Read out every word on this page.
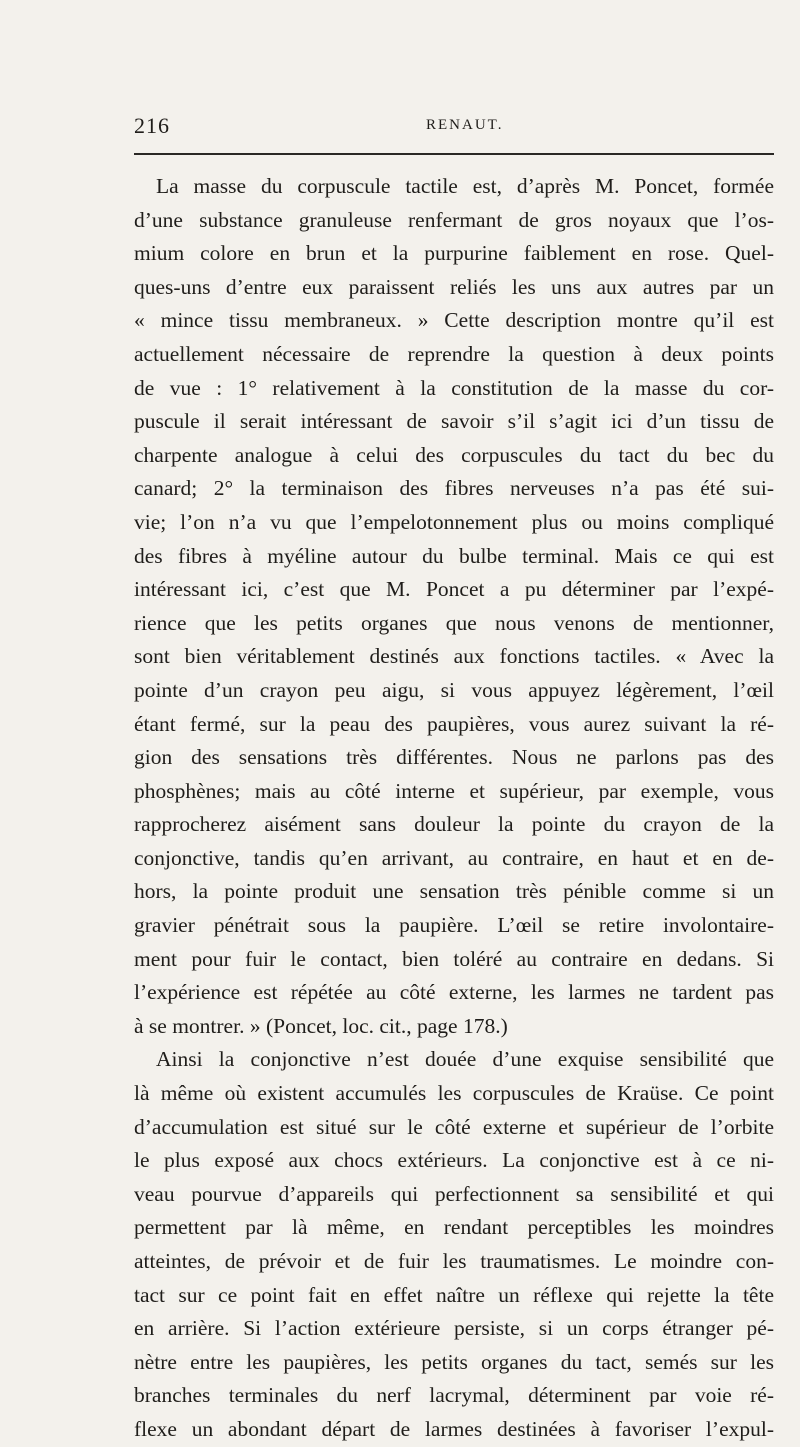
216	RENAUT.
La masse du corpuscule tactile est, d’après M. Poncet, formée
d’une substance granuleuse renfermant de gros noyaux que l’os-
mium colore en brun et la purpurine faiblement en rose. Quel-
ques-uns d’entre eux paraissent reliés les uns aux autres par un
« mince tissu membraneux. » Cette description montre qu’il est
actuellement nécessaire de reprendre la question à deux points
de vue : 1° relativement à la constitution de la masse du cor-
puscule il serait intéressant de savoir s’il s’agit ici d’un tissu de
charpente analogue à celui des corpuscules du tact du bec du
canard; 2° la terminaison des fibres nerveuses n’a pas été sui-
vie; l’on n’a vu que l’empelotonnement plus ou moins compliqué
des fibres à myéline autour du bulbe terminal. Mais ce qui est
intéressant ici, c’est que M. Poncet a pu déterminer par l’expé-
rience que les petits organes que nous venons de mentionner,
sont bien véritablement destinés aux fonctions tactiles. « Avec la
pointe d’un crayon peu aigu, si vous appuyez légèrement, l’œil
étant fermé, sur la peau des paupières, vous aurez suivant la ré-
gion des sensations très différentes. Nous ne parlons pas des
phosphènes; mais au côté interne et supérieur, par exemple, vous
rapprocherez aisément sans douleur la pointe du crayon de la
conjonctive, tandis qu’en arrivant, au contraire, en haut et en de-
hors, la pointe produit une sensation très pénible comme si un
gravier pénétrait sous la paupière. L’œil se retire involontaire-
ment pour fuir le contact, bien toléré au contraire en dedans. Si
l’expérience est répétée au côté externe, les larmes ne tardent pas
à se montrer. » (Poncet, loc. cit., page 178.)
Ainsi la conjonctive n’est douée d’une exquise sensibilité que
là même où existent accumulés les corpuscules de Kraüse. Ce point
d’accumulation est situé sur le côté externe et supérieur de l’orbite
le plus exposé aux chocs extérieurs. La conjonctive est à ce ni-
veau pourvue d’appareils qui perfectionnent sa sensibilité et qui
permettent par là même, en rendant perceptibles les moindres
atteintes, de prévoir et de fuir les traumatismes. Le moindre con-
tact sur ce point fait en effet naître un réflexe qui rejette la tête
en arrière. Si l’action extérieure persiste, si un corps étranger pé-
nètre entre les paupières, les petits organes du tact, semés sur les
branches terminales du nerf lacrymal, déterminent par voie ré-
flexe un abondant départ de larmes destinées à favoriser l’expul-
